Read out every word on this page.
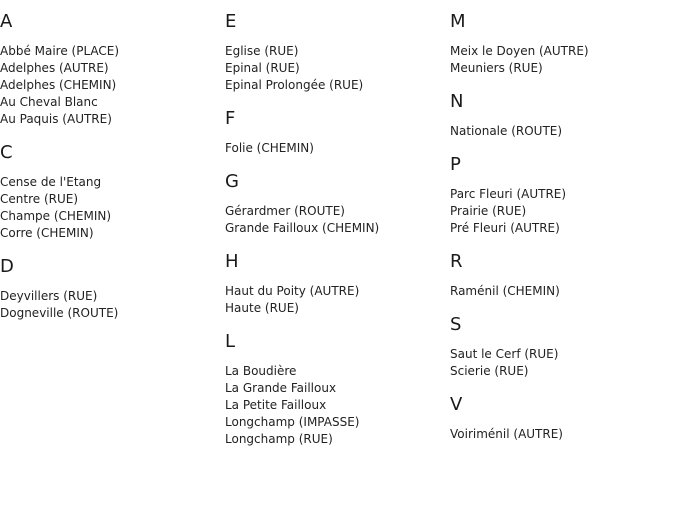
A
Abbé Maire (PLACE)
Adelphes (AUTRE)
Adelphes (CHEMIN)
Au Cheval Blanc
Au Paquis (AUTRE)
C
Cense de l'Etang
Centre (RUE)
Champe (CHEMIN)
Corre (CHEMIN)
D
Deyvillers (RUE)
Dogneville (ROUTE)
E
Eglise (RUE)
Epinal (RUE)
Epinal Prolongée (RUE)
F
Folie (CHEMIN)
G
Gérardmer (ROUTE)
Grande Failloux (CHEMIN)
H
Haut du Poity (AUTRE)
Haute (RUE)
L
La Boudière
La Grande Failloux
La Petite Failloux
Longchamp (IMPASSE)
Longchamp (RUE)
M
Meix le Doyen (AUTRE)
Meuniers (RUE)
N
Nationale (ROUTE)
P
Parc Fleuri (AUTRE)
Prairie (RUE)
Pré Fleuri (AUTRE)
R
Raménil (CHEMIN)
S
Saut le Cerf (RUE)
Scierie (RUE)
V
Voiriménil (AUTRE)
